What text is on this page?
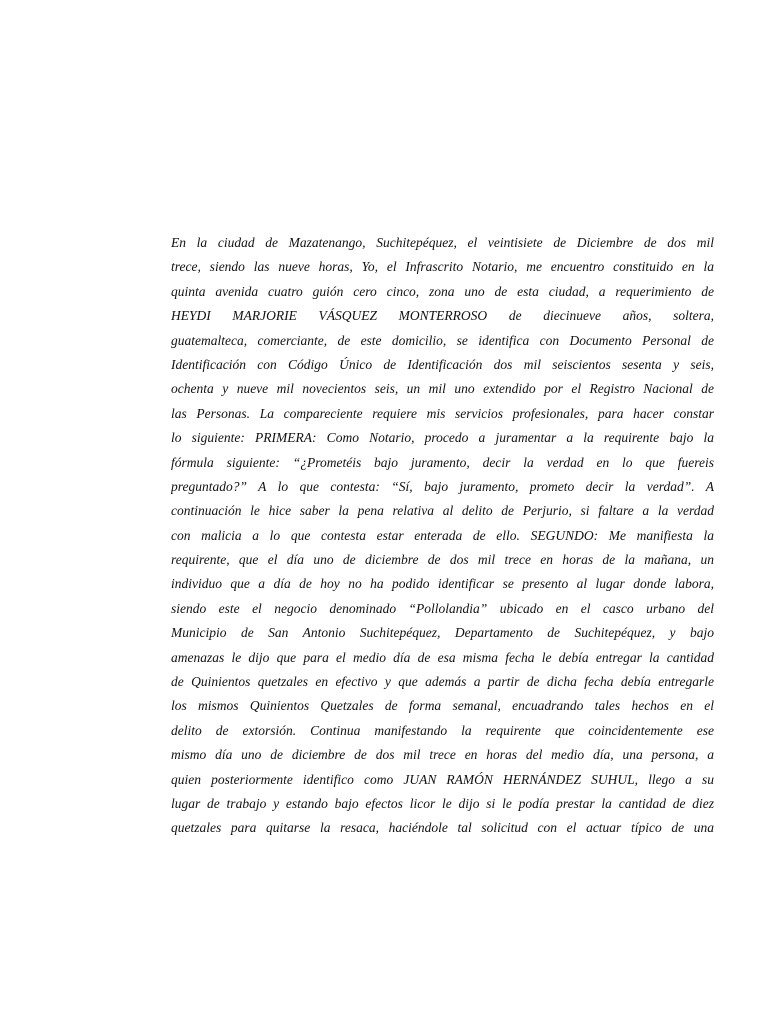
En la ciudad de Mazatenango, Suchitepéquez, el veintisiete de Diciembre de dos mil
trece, siendo las nueve horas, Yo, el Infrascrito Notario, me encuentro constituido en la
quinta avenida cuatro guión cero cinco, zona uno de esta ciudad, a requerimiento de
HEYDI MARJORIE VÁSQUEZ MONTERROSO de diecinueve años, soltera,
guatemalteca, comerciante, de este domicilio, se identifica con Documento Personal de
Identificación con Código Único de Identificación dos mil seiscientos sesenta y seis,
ochenta y nueve mil novecientos seis, un mil uno extendido por el Registro Nacional de
las Personas. La compareciente requiere mis servicios profesionales, para hacer constar
lo siguiente: PRIMERA: Como Notario, procedo a juramentar a la requirente bajo la
fórmula siguiente: “¿Prometéis bajo juramento, decir la verdad en lo que fuereis
preguntado?” A lo que contesta: “Sí, bajo juramento, prometo decir la verdad”. A
continuación le hice saber la pena relativa al delito de Perjurio, si faltare a la verdad
con malicia a lo que contesta estar enterada de ello. SEGUNDO: Me manifiesta la
requirente, que el día uno de diciembre de dos mil trece en horas de la mañana, un
individuo que a día de hoy no ha podido identificar se presento al lugar donde labora,
siendo este el negocio denominado “Pollolandia” ubicado en el casco urbano del
Municipio de San Antonio Suchitepéquez, Departamento de Suchitepéquez, y bajo
amenazas le dijo que para el medio día de esa misma fecha le debía entregar la cantidad
de Quinientos quetzales en efectivo y que además a partir de dicha fecha debía entregarle
los mismos Quinientos Quetzales de forma semanal, encuadrando tales hechos en el
delito de extorsión. Continua manifestando la requirente que coincidentemente ese
mismo día uno de diciembre de dos mil trece en horas del medio día, una persona, a
quien posteriormente identifico como JUAN RAMÓN HERNÁNDEZ SUHUL, llego a su
lugar de trabajo y estando bajo efectos licor le dijo si le podía prestar la cantidad de diez
quetzales para quitarse la resaca, haciéndole tal solicitud con el actuar típico de una
